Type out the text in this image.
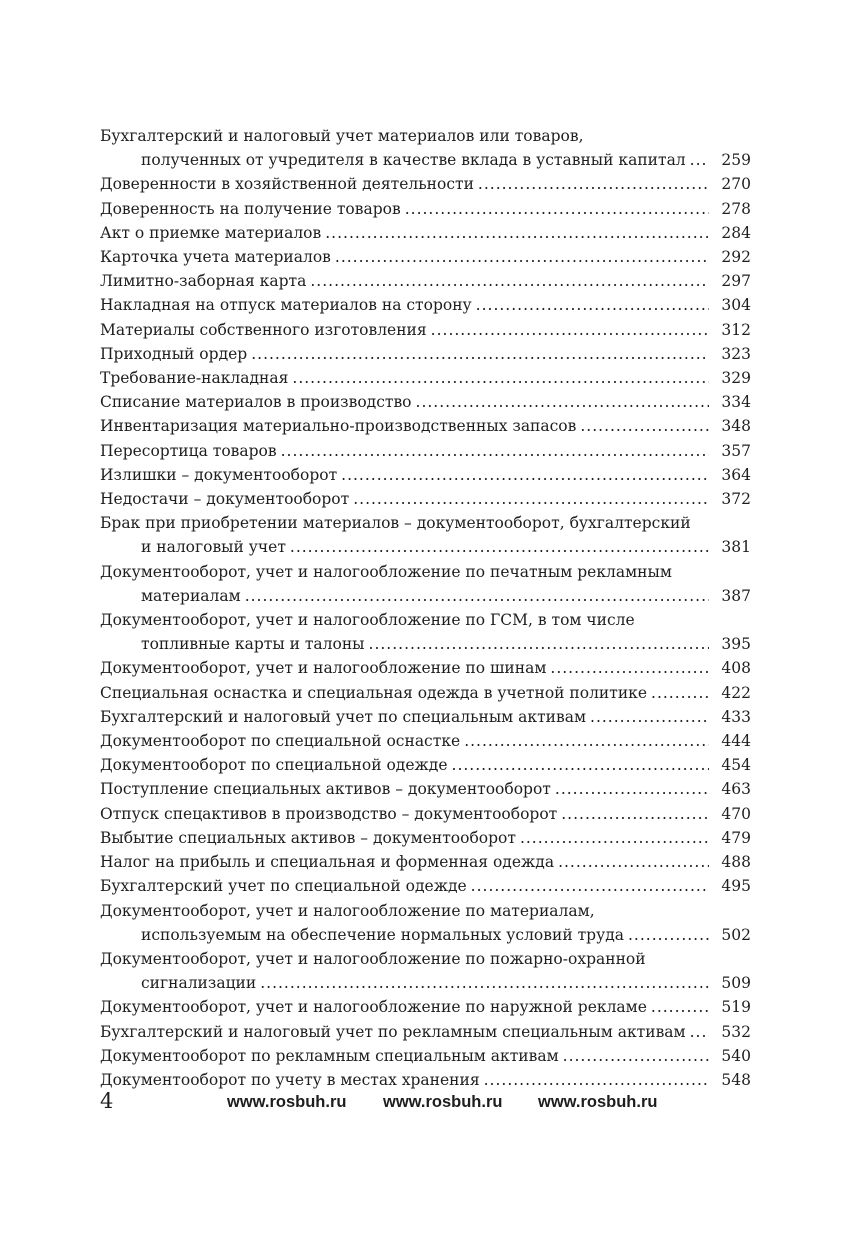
Бухгалтерский и налоговый учет материалов или товаров,
полученных от учредителя в качестве вклада в уставный капитал .....	259
Доверенности в хозяйственной деятельности .....	270
Доверенность на получение товаров .....	278
Акт о приемке материалов .....	284
Карточка учета материалов .....	292
Лимитно-заборная карта .....	297
Накладная на отпуск материалов на сторону .....	304
Материалы собственного изготовления .....	312
Приходный ордер .....	323
Требование-накладная .....	329
Списание материалов в производство .....	334
Инвентаризация материально-производственных запасов .....	348
Пересортица товаров .....	357
Излишки – документооборот .....	364
Недостачи – документооборот .....	372
Брак при приобретении материалов – документооборот, бухгалтерский
и налоговый учет .....	381
Документооборот, учет и налогообложение по печатным рекламным
материалам .....	387
Документооборот, учет и налогообложение по ГСМ, в том числе
топливные карты и талоны .....	395
Документооборот, учет и налогообложение по шинам .....	408
Специальная оснастка и специальная одежда в учетной политике .....	422
Бухгалтерский и налоговый учет по специальным активам .....	433
Документооборот по специальной оснастке .....	444
Документооборот по специальной одежде .....	454
Поступление специальных активов – документооборот .....	463
Отпуск спецактивов в производство – документооборот .....	470
Выбытие специальных активов – документооборот .....	479
Налог на прибыль и специальная и форменная одежда .....	488
Бухгалтерский учет по специальной одежде .....	495
Документооборот, учет и налогообложение по материалам,
используемым на обеспечение нормальных условий труда .....	502
Документооборот, учет и налогообложение по пожарно-охранной
сигнализации .....	509
Документооборот, учет и налогообложение по наружной рекламе .....	519
Бухгалтерский и налоговый учет по рекламным специальным активам .....	532
Документооборот по рекламным специальным активам .....	540
Документооборот по учету в местах хранения .....	548
4	www.rosbuh.ru www.rosbuh.ru www.rosbuh.ru
